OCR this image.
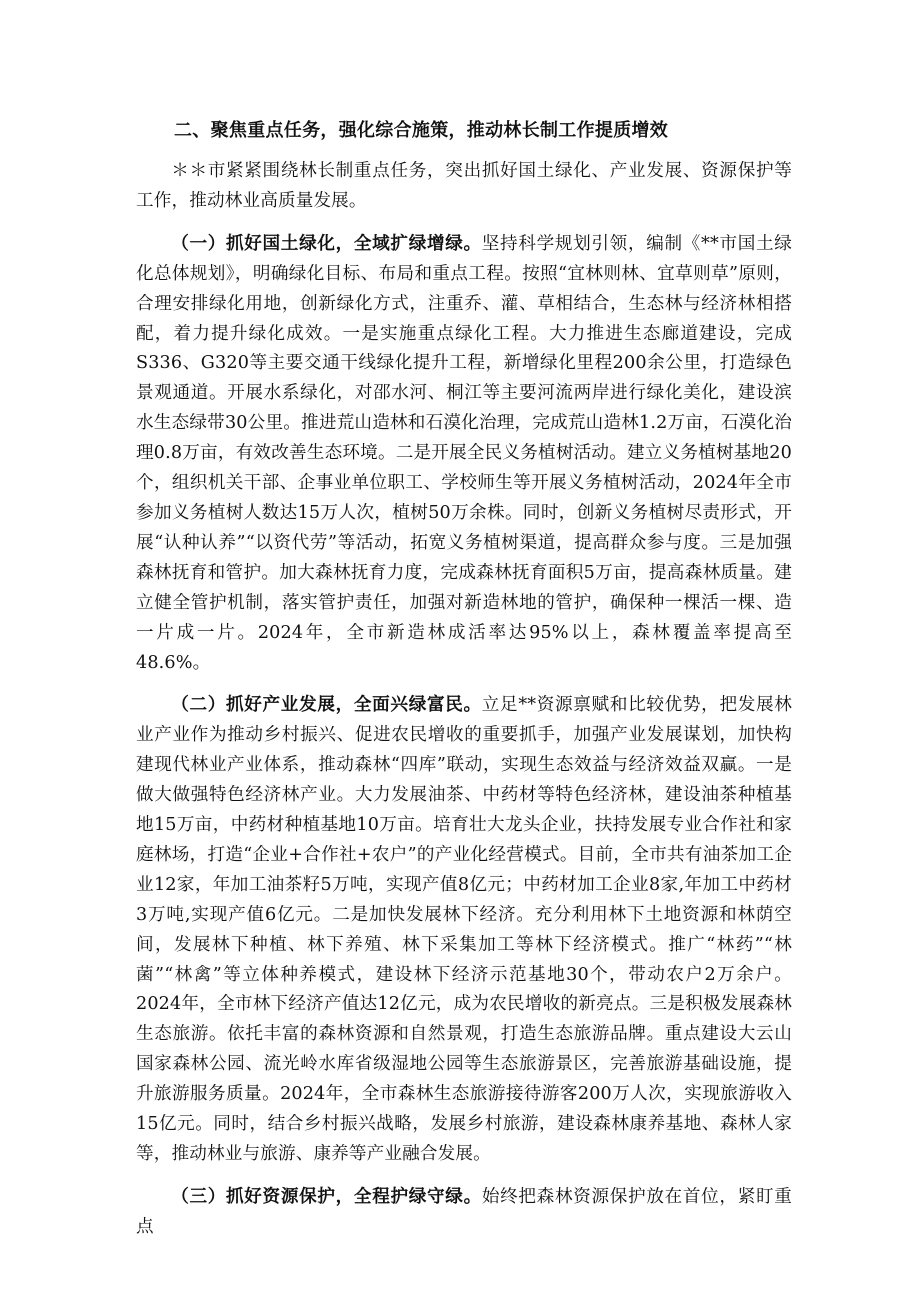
二、聚焦重点任务，强化综合施策，推动林长制工作提质增效

＊＊市紧紧围绕林长制重点任务，突出抓好国土绿化、产业发展、资源保护等工作，推动林业高质量发展。

（一）抓好国土绿化，全域扩绿增绿。坚持科学规划引领，编制《**市国土绿化总体规划》，明确绿化目标、布局和重点工程。按照“宜林则林、宜草则草”原则，合理安排绿化用地，创新绿化方式，注重乔、灌、草相结合，生态林与经济林相搭配，着力提升绿化成效。一是实施重点绿化工程。大力推进生态廊道建设，完成S336、G320等主要交通干线绿化提升工程，新增绿化里程200余公里，打造绿色景观通道。开展水系绿化，对邵水河、桐江等主要河流两岸进行绿化美化，建设滨水生态绿带30公里。推进荒山造林和石漠化治理，完成荒山造林1.2万亩，石漠化治理0.8万亩，有效改善生态环境。二是开展全民义务植树活动。建立义务植树基地20个，组织机关干部、企事业单位职工、学校师生等开展义务植树活动，2024年全市参加义务植树人数达15万人次，植树50万余株。同时，创新义务植树尽责形式，开展“认种认养”“以资代劳”等活动，拓宽义务植树渠道，提高群众参与度。三是加强森林抚育和管护。加大森林抚育力度，完成森林抚育面积5万亩，提高森林质量。建立健全管护机制，落实管护责任，加强对新造林地的管护，确保种一棵活一棵、造一片成一片。2024年，全市新造林成活率达95%以上，森林覆盖率提高至48.6%。

（二）抓好产业发展，全面兴绿富民。立足**资源禀赋和比较优势，把发展林业产业作为推动乡村振兴、促进农民增收的重要抓手，加强产业发展谋划，加快构建现代林业产业体系，推动森林“四库”联动，实现生态效益与经济效益双赢。一是做大做强特色经济林产业。大力发展油茶、中药材等特色经济林，建设油茶种植基地15万亩，中药材种植基地10万亩。培育壮大龙头企业，扶持发展专业合作社和家庭林场，打造“企业+合作社+农户”的产业化经营模式。目前，全市共有油茶加工企业12家，年加工油茶籽5万吨，实现产值8亿元；中药材加工企业8家,年加工中药材3万吨,实现产值6亿元。二是加快发展林下经济。充分利用林下土地资源和林荫空间，发展林下种植、林下养殖、林下采集加工等林下经济模式。推广“林药”“林菌”“林禽”等立体种养模式，建设林下经济示范基地30个，带动农户2万余户。2024年，全市林下经济产值达12亿元，成为农民增收的新亮点。三是积极发展森林生态旅游。依托丰富的森林资源和自然景观，打造生态旅游品牌。重点建设大云山国家森林公园、流光岭水库省级湿地公园等生态旅游景区，完善旅游基础设施，提升旅游服务质量。2024年，全市森林生态旅游接待游客200万人次，实现旅游收入15亿元。同时，结合乡村振兴战略，发展乡村旅游，建设森林康养基地、森林人家等，推动林业与旅游、康养等产业融合发展。

（三）抓好资源保护，全程护绿守绿。始终把森林资源保护放在首位，紧盯重点
